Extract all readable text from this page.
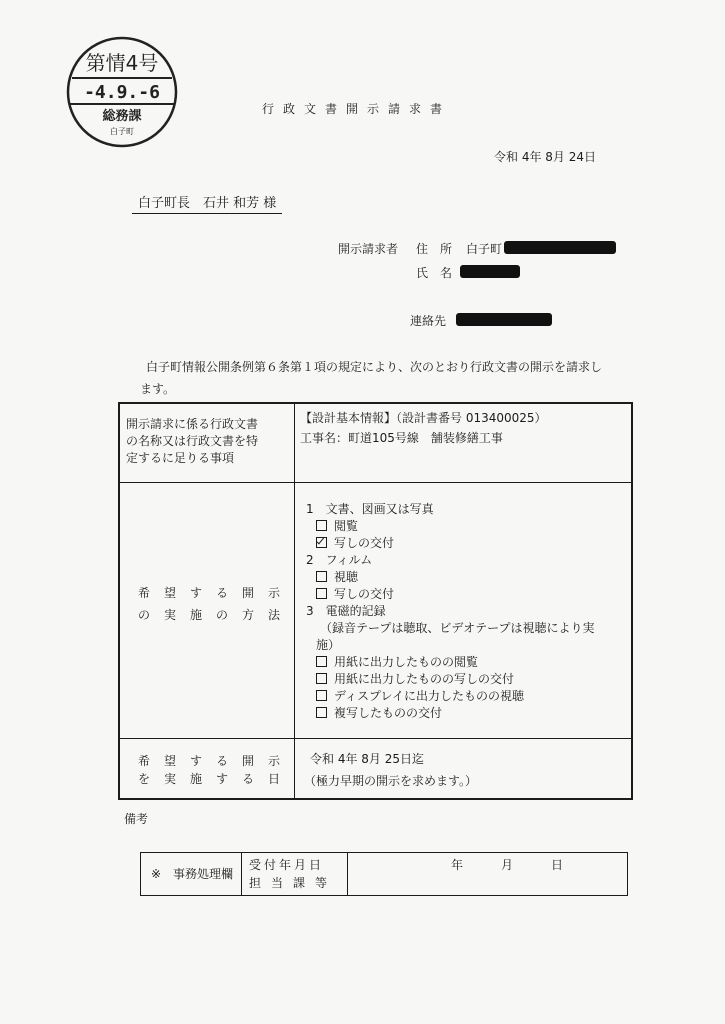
第情4号
-4.9.-6
総務課
白子町
行政文書開示請求書
令和 4年 8月 24日
白子町長　石井 和芳 様
開示請求者 住　所 白子町
氏　名
連絡先
白子町情報公開条例第６条第１項の規定により、次のとおり行政文書の開示を請求し
ます。
開示請求に係る行政文書
の名称又は行政文書を特
定するに足りる事項
【設計基本情報】（設計書番号 013400025）
工事名：町道105号線　舗装修繕工事
希望する開示
の実施の方法
1　文書、図画又は写真
閲覧
写しの交付
2　フィルム
視聴
写しの交付
3　電磁的記録
（録音テープは聴取、ビデオテープは視聴により実
施）
用紙に出力したものの閲覧
用紙に出力したものの写しの交付
ディスプレイに出力したものの視聴
複写したものの交付
希望する開示
を実施する日
令和 4年 8月 25日迄
（極力早期の開示を求めます。）
備考
※　事務処理欄
受付年月日
担当課等
年	月	日
